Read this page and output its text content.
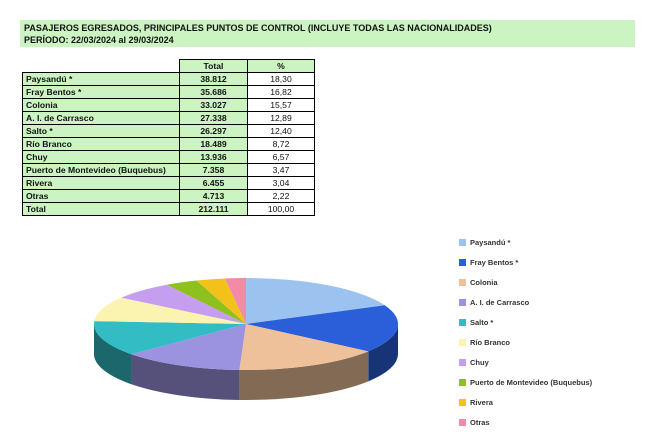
PASAJEROS EGRESADOS, PRINCIPALES PUNTOS DE CONTROL (INCLUYE TODAS LAS NACIONALIDADES)
PERÍODO: 22/03/2024 al 29/03/2024
	Total	%
Paysandú *	38.812	18,30
Fray Bentos *	35.686	16,82
Colonia	33.027	15,57
A. I. de Carrasco	27.338	12,89
Salto *	26.297	12,40
Río Branco	18.489	8,72
Chuy	13.936	6,57
Puerto de Montevideo (Buquebus)	7.358	3,47
Rivera	6.455	3,04
Otras	4.713	2,22
Total	212.111	100,00
Paysandú *
Fray Bentos *
Colonia
A. I. de Carrasco
Salto *
Río Branco
Chuy
Puerto de Montevideo (Buquebus)
Rivera
Otras
